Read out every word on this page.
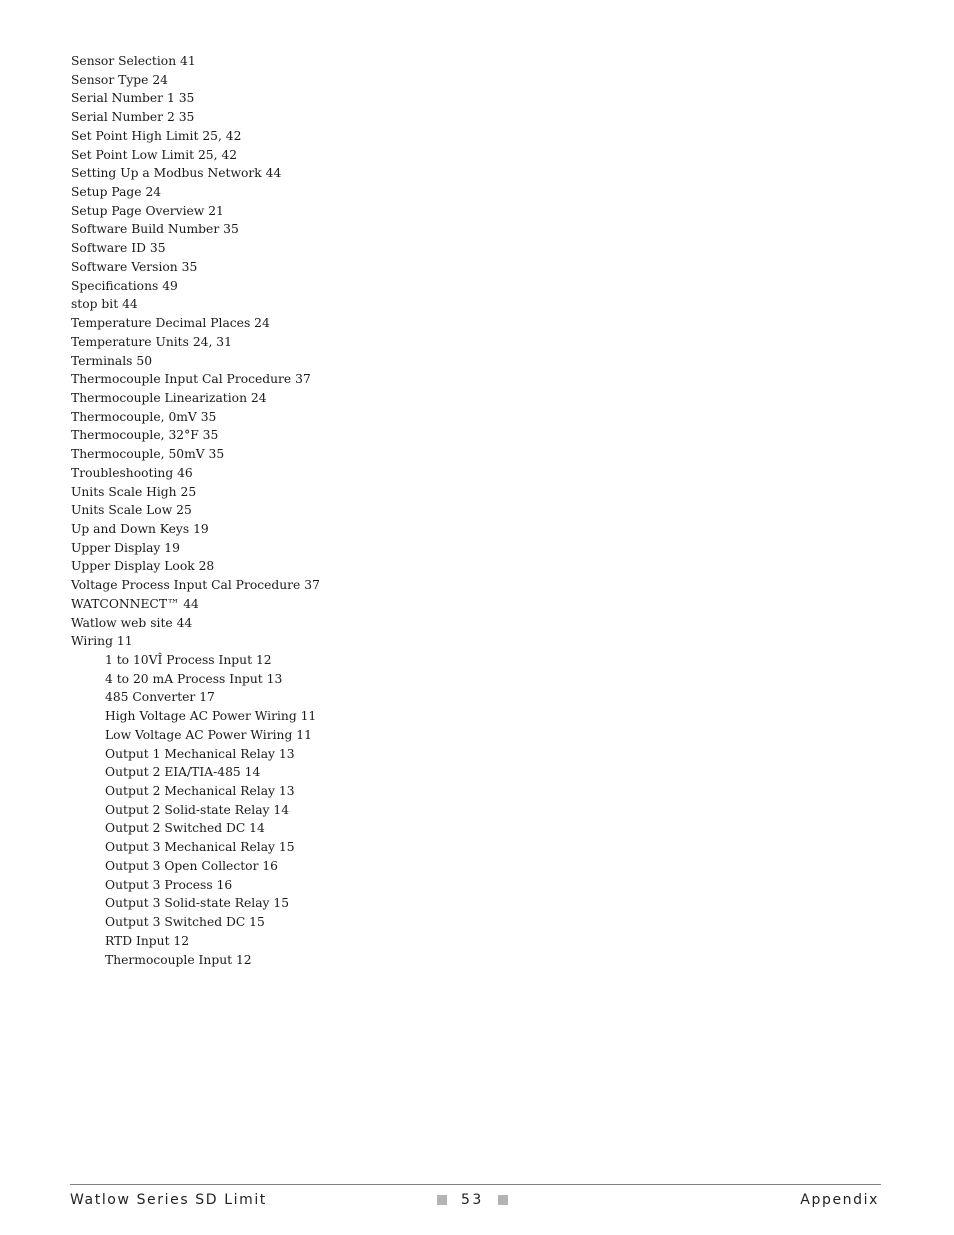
Sensor Selection 41
Sensor Type 24
Serial Number 1 35
Serial Number 2 35
Set Point High Limit 25, 42
Set Point Low Limit 25, 42
Setting Up a Modbus Network 44
Setup Page 24
Setup Page Overview 21
Software Build Number 35
Software ID 35
Software Version 35
Specifications 49
stop bit 44
Temperature Decimal Places 24
Temperature Units 24, 31
Terminals 50
Thermocouple Input Cal Procedure 37
Thermocouple Linearization 24
Thermocouple, 0mV 35
Thermocouple, 32°F 35
Thermocouple, 50mV 35
Troubleshooting 46
Units Scale High 25
Units Scale Low 25
Up and Down Keys 19
Upper Display 19
Upper Display Look 28
Voltage Process Input Cal Procedure 37
WATCONNECT™ 44
Watlow web site 44
Wiring 11
1 to 10VÎ Process Input 12
4 to 20 mA Process Input 13
485 Converter 17
High Voltage AC Power Wiring 11
Low Voltage AC Power Wiring 11
Output 1 Mechanical Relay 13
Output 2 EIA/TIA-485 14
Output 2 Mechanical Relay 13
Output 2 Solid-state Relay 14
Output 2 Switched DC 14
Output 3 Mechanical Relay 15
Output 3 Open Collector 16
Output 3 Process 16
Output 3 Solid-state Relay 15
Output 3 Switched DC 15
RTD Input 12
Thermocouple Input 12
Watlow Series SD Limit	53	Appendix
